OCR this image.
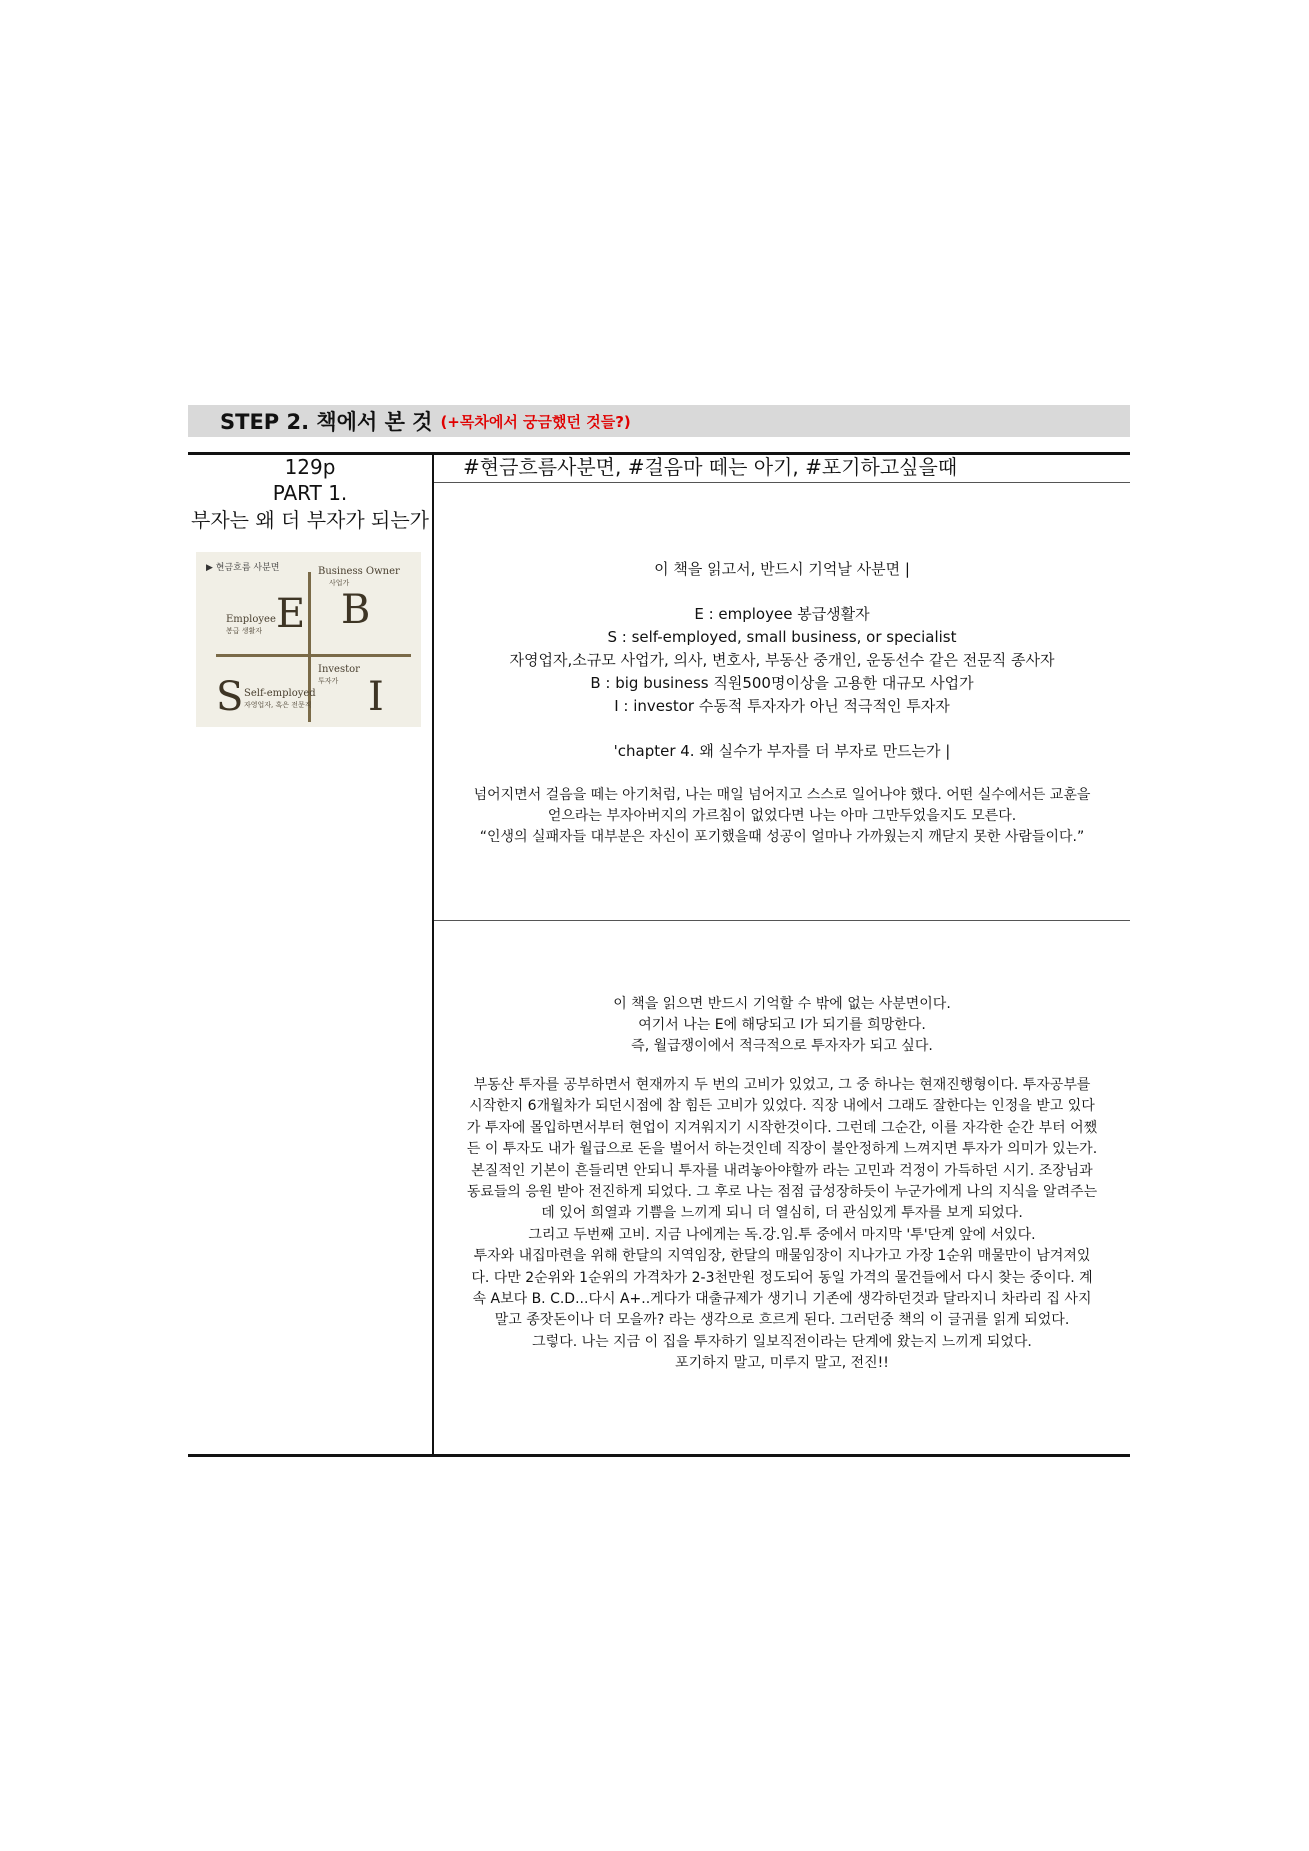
STEP 2. 책에서 본 것 (+목차에서 궁금했던 것들?)
129p
PART 1.
부자는 왜 더 부자가 되는가
▶ 현금흐름 사분면	Business Owner
사업가
B
Employee
봉급 생활자 E
Investor
투자가
S Self-employed
자영업자, 혹은 전문직 I
#현금흐름사분면, #걸음마 떼는 아기, #포기하고싶을때

이 책을 읽고서, 반드시 기억날 사분면 |

E : employee 봉급생활자

S : self-employed, small business, or specialist

자영업자,소규모 사업가, 의사, 변호사, 부동산 중개인, 운동선수 같은 전문직 종사자

B : big business 직원500명이상을 고용한 대규모 사업가

I : investor 수동적 투자자가 아닌 적극적인 투자자

'chapter 4. 왜 실수가 부자를 더 부자로 만드는가 |

넘어지면서 걸음을 떼는 아기처럼, 나는 매일 넘어지고 스스로 일어나야 했다. 어떤 실수에서든 교훈을

얻으라는 부자아버지의 가르침이 없었다면 나는 아마 그만두었을지도 모른다.

“인생의 실패자들 대부분은 자신이 포기했을때 성공이 얼마나 가까웠는지 깨닫지 못한 사람들이다.”

이 책을 읽으면 반드시 기억할 수 밖에 없는 사분면이다.

여기서 나는 E에 해당되고 I가 되기를 희망한다.

즉, 월급쟁이에서 적극적으로 투자자가 되고 싶다.

부동산 투자를 공부하면서 현재까지 두 번의 고비가 있었고, 그 중 하나는 현재진행형이다. 투자공부를

시작한지 6개월차가 되던시점에 참 힘든 고비가 있었다. 직장 내에서 그래도 잘한다는 인정을 받고 있다

가 투자에 몰입하면서부터 현업이 지겨워지기 시작한것이다. 그런데 그순간, 이를 자각한 순간 부터 어쨌

든 이 투자도 내가 월급으로 돈을 벌어서 하는것인데 직장이 불안정하게 느껴지면 투자가 의미가 있는가.

본질적인 기본이 흔들리면 안되니 투자를 내려놓아야할까 라는 고민과 걱정이 가득하던 시기. 조장님과

동료들의 응원 받아 전진하게 되었다. 그 후로 나는 점점 급성장하듯이 누군가에게 나의 지식을 알려주는

데 있어 희열과 기쁨을 느끼게 되니 더 열심히, 더 관심있게 투자를 보게 되었다.

그리고 두번째 고비. 지금 나에게는 독.강.임.투 중에서 마지막 '투'단계 앞에 서있다.

투자와 내집마련을 위해 한달의 지역임장, 한달의 매물임장이 지나가고 가장 1순위 매물만이 남겨져있

다. 다만 2순위와 1순위의 가격차가 2-3천만원 정도되어 동일 가격의 물건들에서 다시 찾는 중이다. 계

속 A보다 B. C.D...다시 A+..게다가 대출규제가 생기니 기존에 생각하던것과 달라지니 차라리 집 사지

말고 종잣돈이나 더 모을까? 라는 생각으로 흐르게 된다. 그러던중 책의 이 글귀를 읽게 되었다.

그렇다. 나는 지금 이 집을 투자하기 일보직전이라는 단계에 왔는지 느끼게 되었다.

포기하지 말고, 미루지 말고, 전진!!
